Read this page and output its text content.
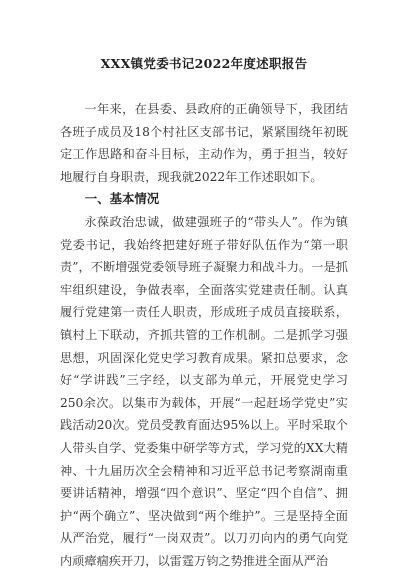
XXX镇党委书记2022年度述职报告

一年来，在县委、县政府的正确领导下，我团结各班子成员及18个村社区支部书记，紧紧围绕年初既定工作思路和奋斗目标，主动作为，勇于担当，较好地履行自身职责，现我就2022年工作述职如下。

一、基本情况

永葆政治忠诚，做建强班子的“带头人”。作为镇党委书记，我始终把建好班子带好队伍作为“第一职责”，不断增强党委领导班子凝聚力和战斗力。一是抓牢组织建设，争做表率，全面落实党建责任制。认真履行党建第一责任人职责，形成班子成员直接联系，镇村上下联动，齐抓共管的工作机制。二是抓学习强思想，巩固深化党史学习教育成果。紧扣总要求，念好“学讲践”三字经，以支部为单元，开展党史学习250余次。以集市为载体，开展“一起赶场学党史”实践活动20次。党员受教育面达95%以上。平时采取个人带头自学、党委集中研学等方式，学习党的XX大精神、十九届历次全会精神和习近平总书记考察湖南重要讲话精神，增强“四个意识”、坚定“四个自信”、拥护“两个确立”、坚决做到“两个维护”。三是坚持全面从严治党，履行“一岗双责”。以刀刃向内的勇气向党内顽瘴痼疾开刀，以雷霆万钧之势推进全面从严治
